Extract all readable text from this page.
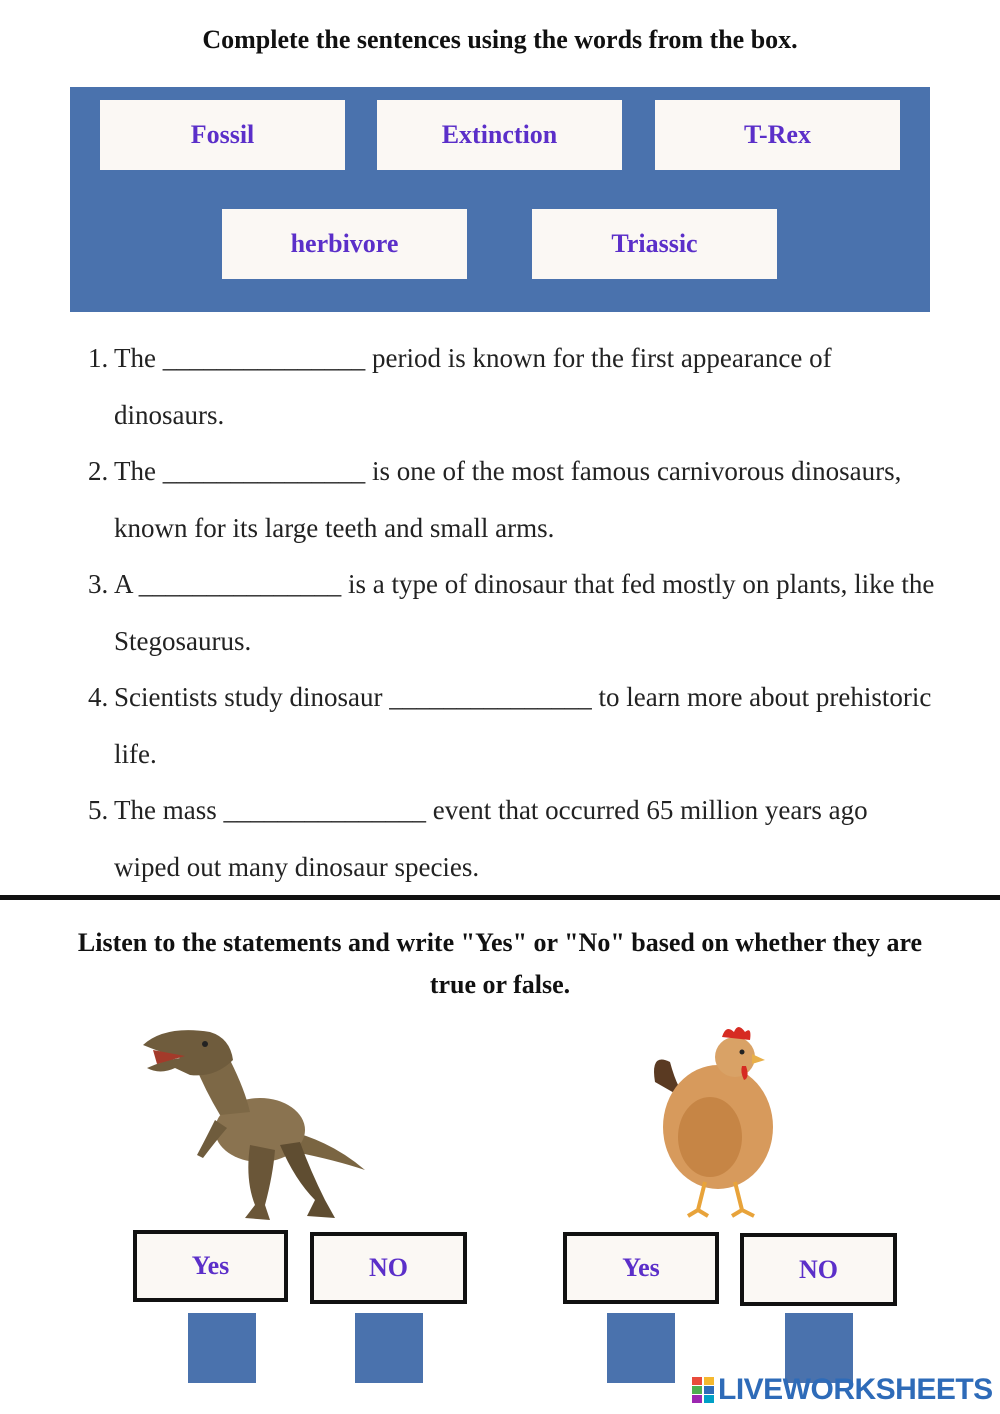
Complete the sentences using the words from the box.
Fossil	Extinction	T-Rex
herbivore	Triassic
1. The _______________ period is known for the first appearance of dinosaurs.
2. The _______________ is one of the most famous carnivorous dinosaurs, known for its large teeth and small arms.
3. A _______________ is a type of dinosaur that fed mostly on plants, like the Stegosaurus.
4. Scientists study dinosaur _______________ to learn more about prehistoric life.
5. The mass _______________ event that occurred 65 million years ago wiped out many dinosaur species.
Listen to the statements and write "Yes" or "No" based on whether they are true or false.
Yes	NO	Yes	NO
LIVEWORKSHEETS
